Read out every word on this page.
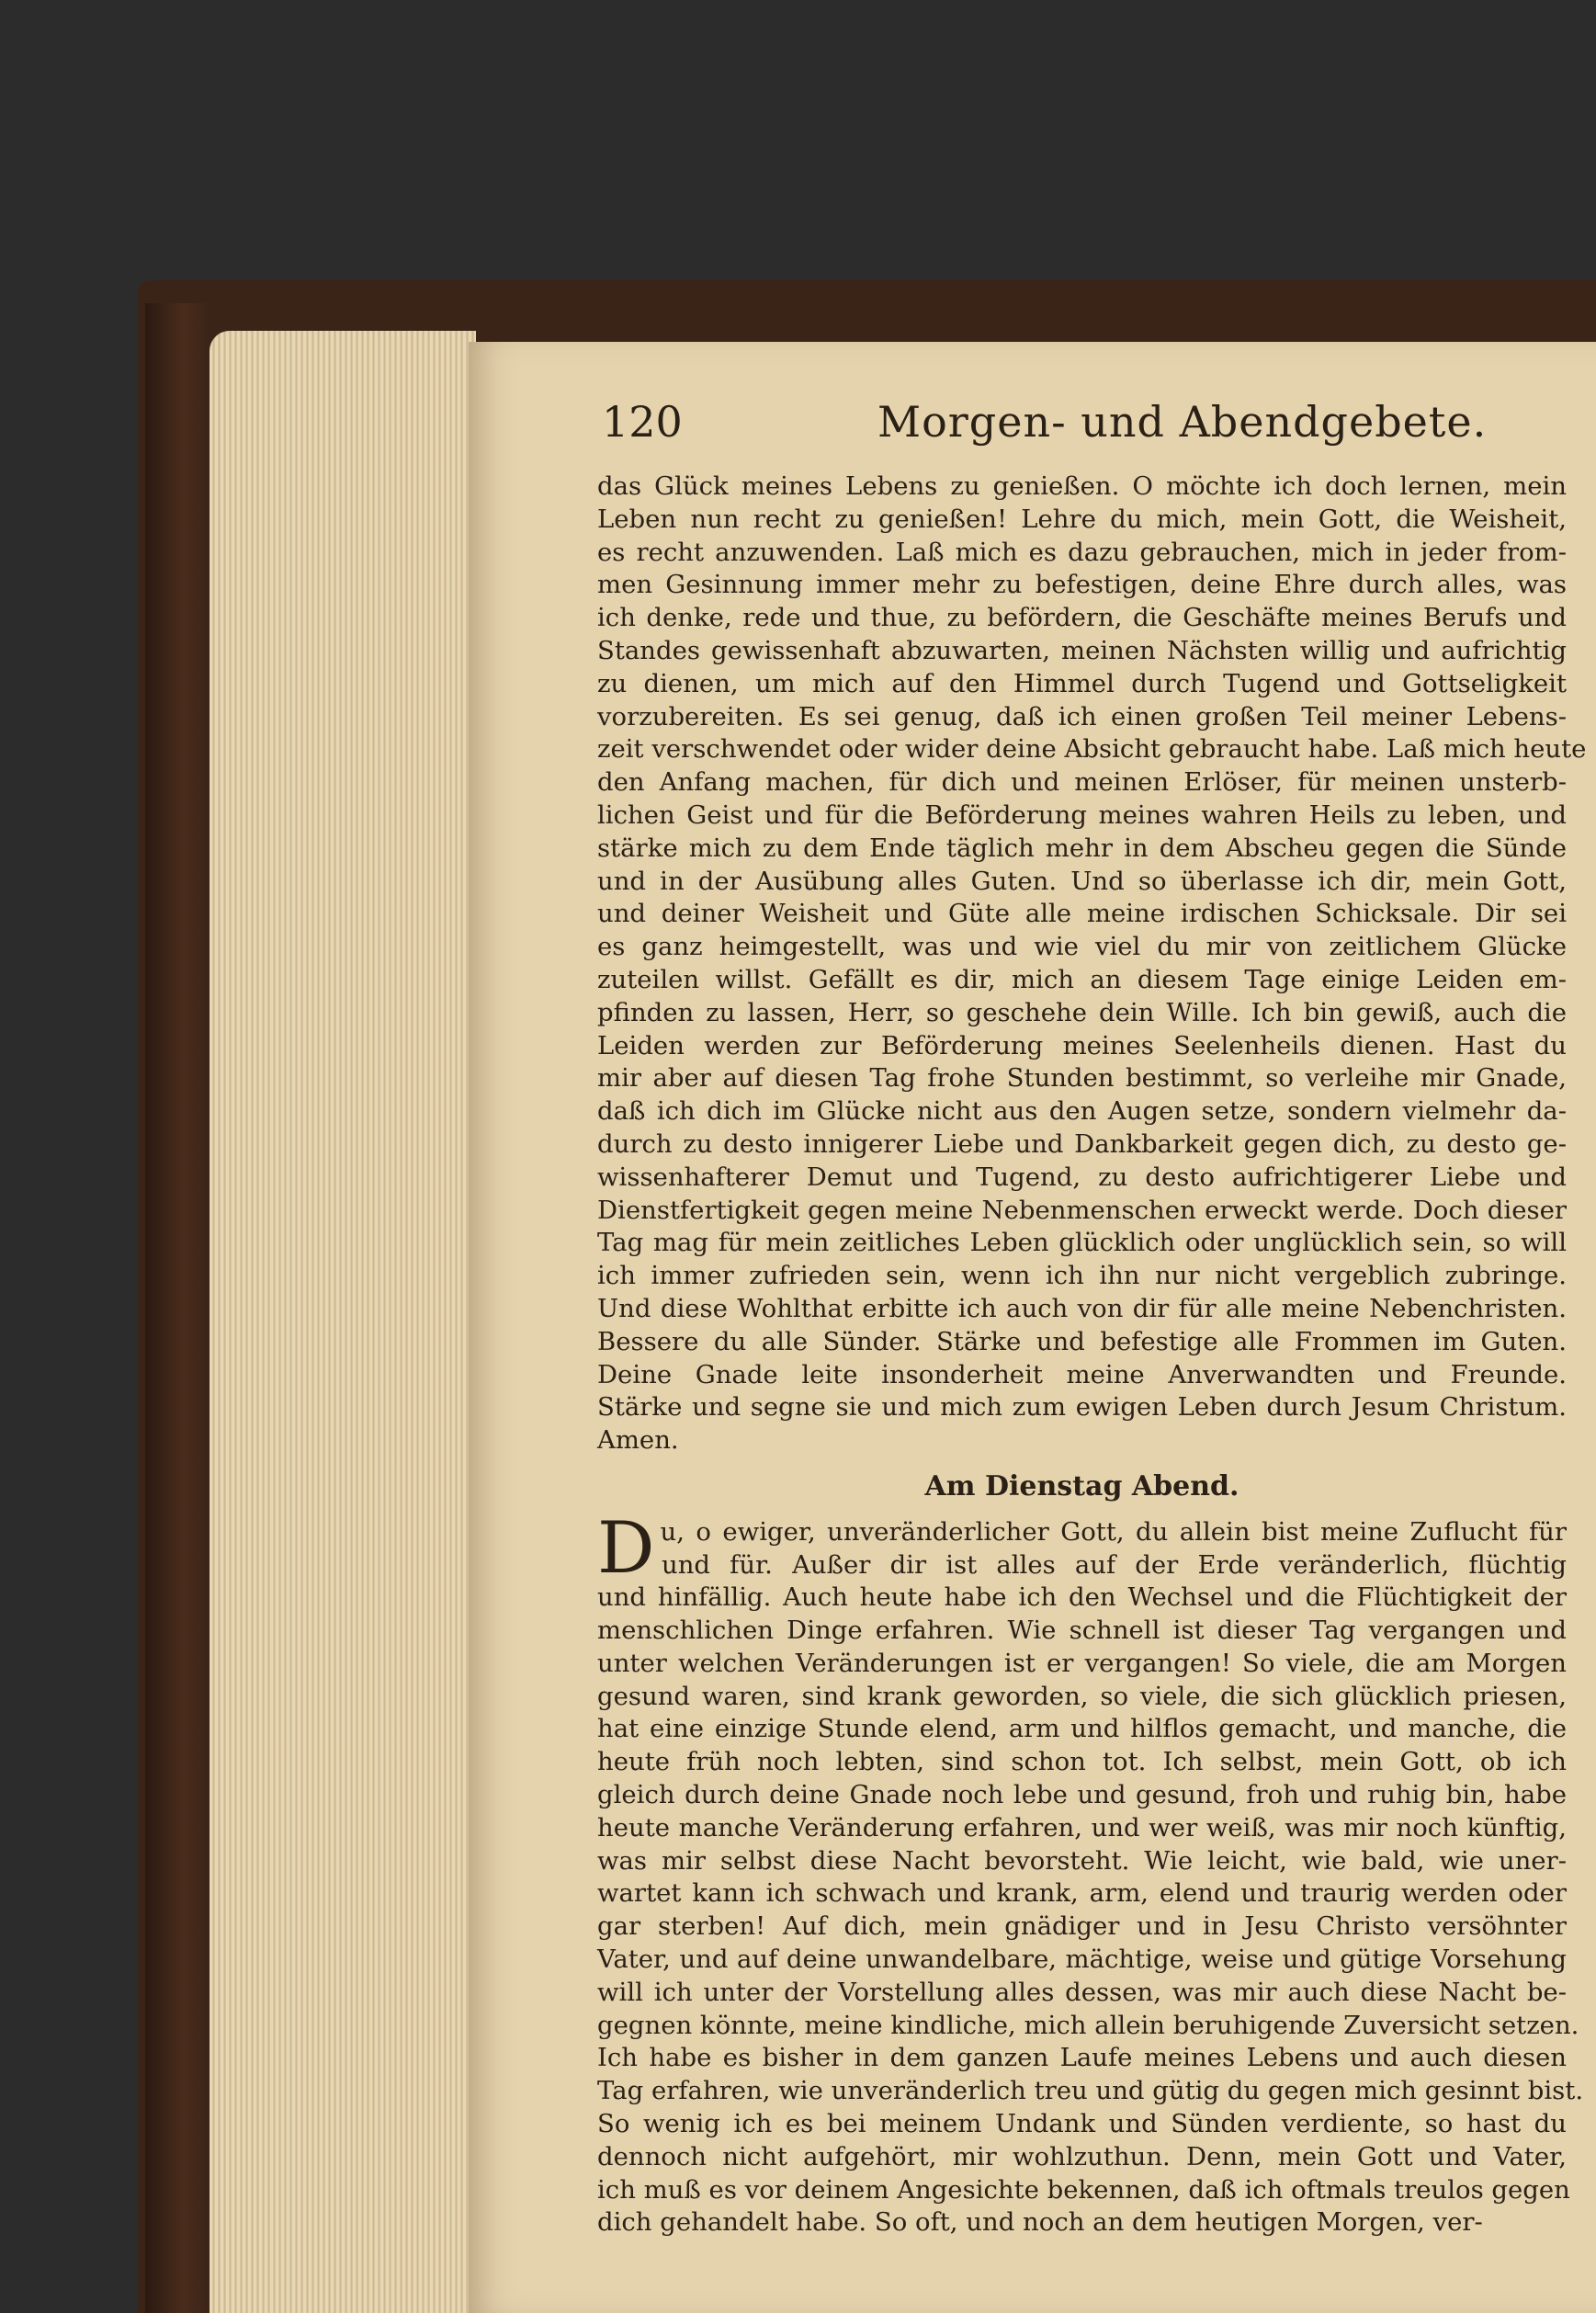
120	Morgen- und Abendgebete.
das Glück meines Lebens zu genießen. O möchte ich doch lernen, mein
Leben nun recht zu genießen! Lehre du mich, mein Gott, die Weisheit,
es recht anzuwenden. Laß mich es dazu gebrauchen, mich in jeder from-
men Gesinnung immer mehr zu befestigen, deine Ehre durch alles, was
ich denke, rede und thue, zu befördern, die Geschäfte meines Berufs und
Standes gewissenhaft abzuwarten, meinen Nächsten willig und aufrichtig
zu dienen, um mich auf den Himmel durch Tugend und Gottseligkeit
vorzubereiten. Es sei genug, daß ich einen großen Teil meiner Lebens-
zeit verschwendet oder wider deine Absicht gebraucht habe. Laß mich heute
den Anfang machen, für dich und meinen Erlöser, für meinen unsterb-
lichen Geist und für die Beförderung meines wahren Heils zu leben, und
stärke mich zu dem Ende täglich mehr in dem Abscheu gegen die Sünde
und in der Ausübung alles Guten. Und so überlasse ich dir, mein Gott,
und deiner Weisheit und Güte alle meine irdischen Schicksale. Dir sei
es ganz heimgestellt, was und wie viel du mir von zeitlichem Glücke
zuteilen willst. Gefällt es dir, mich an diesem Tage einige Leiden em-
pfinden zu lassen, Herr, so geschehe dein Wille. Ich bin gewiß, auch die
Leiden werden zur Beförderung meines Seelenheils dienen. Hast du
mir aber auf diesen Tag frohe Stunden bestimmt, so verleihe mir Gnade,
daß ich dich im Glücke nicht aus den Augen setze, sondern vielmehr da-
durch zu desto innigerer Liebe und Dankbarkeit gegen dich, zu desto ge-
wissenhafterer Demut und Tugend, zu desto aufrichtigerer Liebe und
Dienstfertigkeit gegen meine Nebenmenschen erweckt werde. Doch dieser
Tag mag für mein zeitliches Leben glücklich oder unglücklich sein, so will
ich immer zufrieden sein, wenn ich ihn nur nicht vergeblich zubringe.
Und diese Wohlthat erbitte ich auch von dir für alle meine Nebenchristen.
Bessere du alle Sünder. Stärke und befestige alle Frommen im Guten.
Deine Gnade leite insonderheit meine Anverwandten und Freunde.
Stärke und segne sie und mich zum ewigen Leben durch Jesum Christum.
Amen.
Am Dienstag Abend.
D u, o ewiger, unveränderlicher Gott, du allein bist meine Zuflucht für
und für. Außer dir ist alles auf der Erde veränderlich, flüchtig
und hinfällig. Auch heute habe ich den Wechsel und die Flüchtigkeit der
menschlichen Dinge erfahren. Wie schnell ist dieser Tag vergangen und
unter welchen Veränderungen ist er vergangen! So viele, die am Morgen
gesund waren, sind krank geworden, so viele, die sich glücklich priesen,
hat eine einzige Stunde elend, arm und hilflos gemacht, und manche, die
heute früh noch lebten, sind schon tot. Ich selbst, mein Gott, ob ich
gleich durch deine Gnade noch lebe und gesund, froh und ruhig bin, habe
heute manche Veränderung erfahren, und wer weiß, was mir noch künftig,
was mir selbst diese Nacht bevorsteht. Wie leicht, wie bald, wie uner-
wartet kann ich schwach und krank, arm, elend und traurig werden oder
gar sterben! Auf dich, mein gnädiger und in Jesu Christo versöhnter
Vater, und auf deine unwandelbare, mächtige, weise und gütige Vorsehung
will ich unter der Vorstellung alles dessen, was mir auch diese Nacht be-
gegnen könnte, meine kindliche, mich allein beruhigende Zuversicht setzen.
Ich habe es bisher in dem ganzen Laufe meines Lebens und auch diesen
Tag erfahren, wie unveränderlich treu und gütig du gegen mich gesinnt bist.
So wenig ich es bei meinem Undank und Sünden verdiente, so hast du
dennoch nicht aufgehört, mir wohlzuthun. Denn, mein Gott und Vater,
ich muß es vor deinem Angesichte bekennen, daß ich oftmals treulos gegen
dich gehandelt habe. So oft, und noch an dem heutigen Morgen, ver-
